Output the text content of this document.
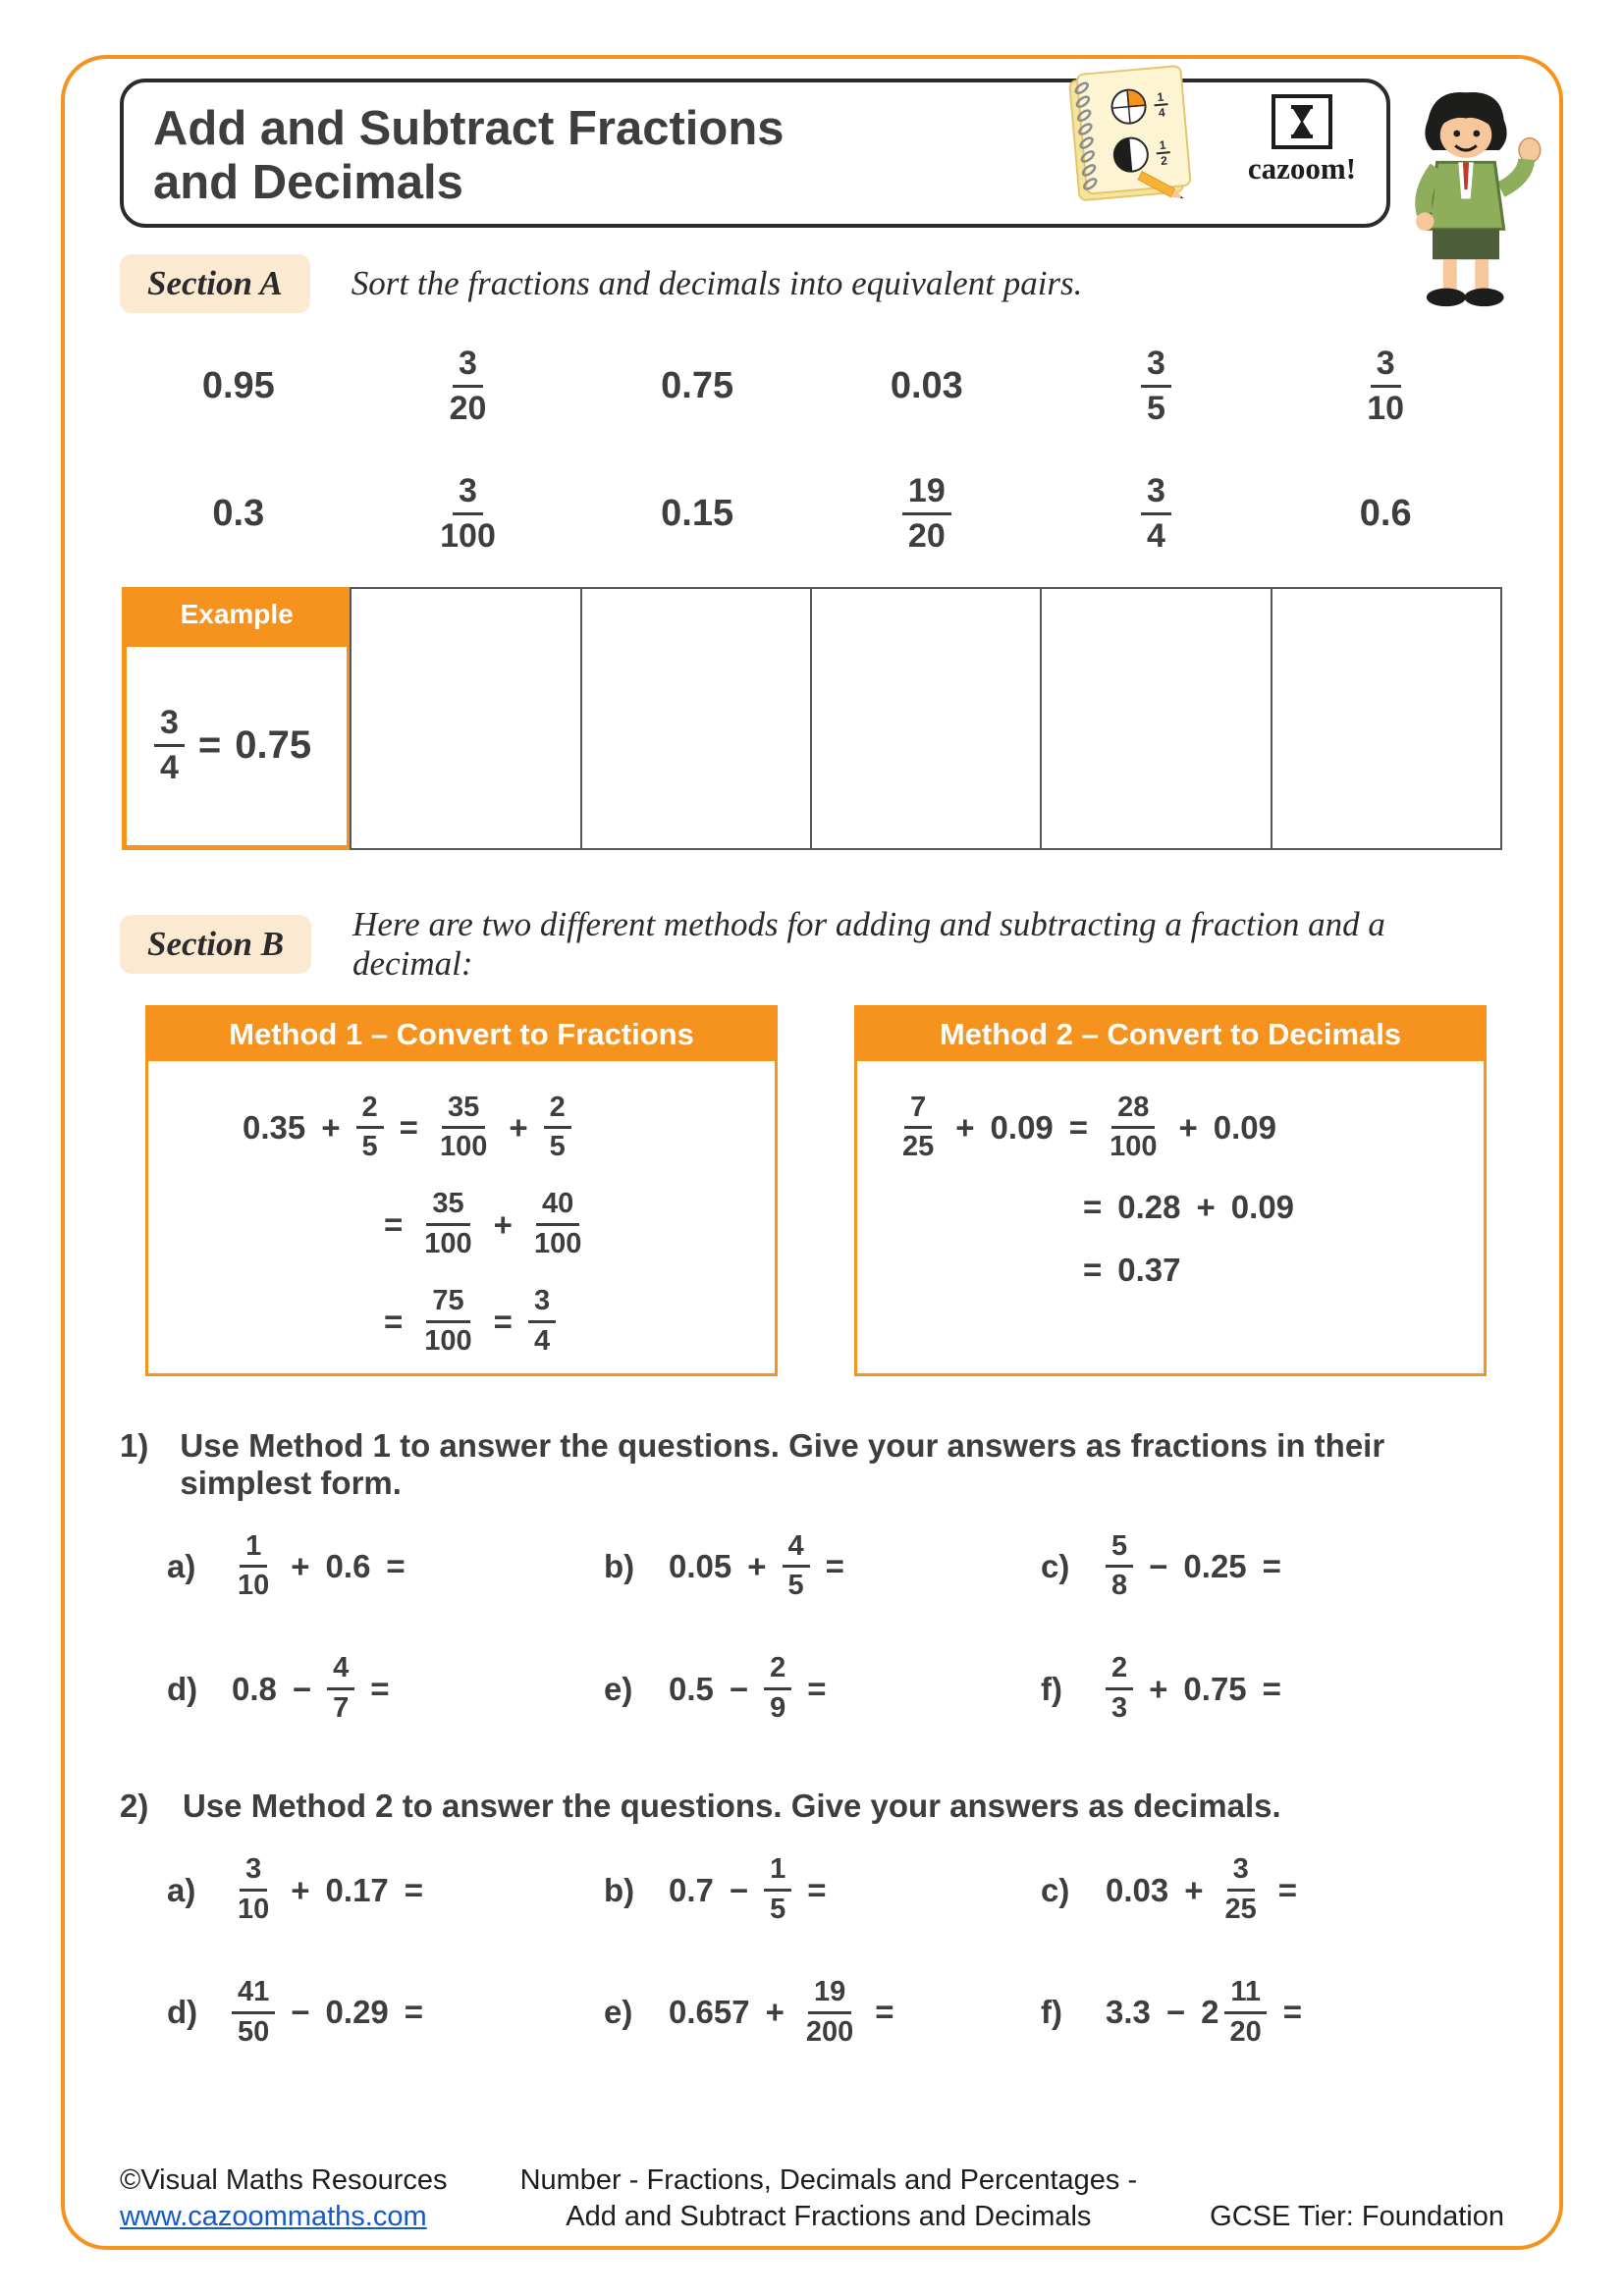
Add and Subtract Fractions
and Decimals
1
4
1
2	cazoom!
Section A	Sort the fractions and decimals into equivalent pairs.
0.95	$\frac{3}{20}$	0.75	0.03	$\frac{3}{5}$	$\frac{3}{10}$
0.3	$\frac{3}{100}$	0.15	$\frac{19}{20}$	$\frac{3}{4}$	0.6
Example
$\frac{3}{4} = 0.75$
Section B
Here are two different methods for adding and subtracting a fraction and a decimal:
Method 1 – Convert to Fractions
$0.35 + \frac{2}{5} = \frac{35}{100} + \frac{2}{5}$
= $\frac{35}{100} + \frac{40}{100}$
= $\frac{75}{100} = \frac{3}{4}$
Method 2 – Convert to Decimals
$\frac{7}{25} + 0.09 = \frac{28}{100} + 0.09$
= 0.28 + 0.09
= 0.37
1) Use Method 1 to answer the questions. Give your answers as fractions in their simplest form.
$a) \frac{1}{10} + 0.6$ =	b) $0.05 + \frac{4}{5}$ =	$c) \frac{5}{8} - 0.25$ =
d) $0.8 - \frac{4}{7}$ =	e) $0.5 - \frac{2}{9}$ =	f)	$\frac{2}{3} + 0.75$ =
2) Use Method 2 to answer the questions. Give your answers as decimals.
$a) \frac{3}{10} + 0.17$ =	b) $0.7 - \frac{1}{5}$ =	c) $0.03 + \frac{3}{25}$ =
$d) \frac{41}{50} - 0.29$ =	e) $0.657 + \frac{19}{200}$ =	f)	$3.3 - 2 \frac{11}{20}$ =
©Visual Maths Resources
www.cazoommaths.com
Number - Fractions, Decimals and Percentages -
Add and Subtract Fractions and Decimals	GCSE Tier: Foundation
